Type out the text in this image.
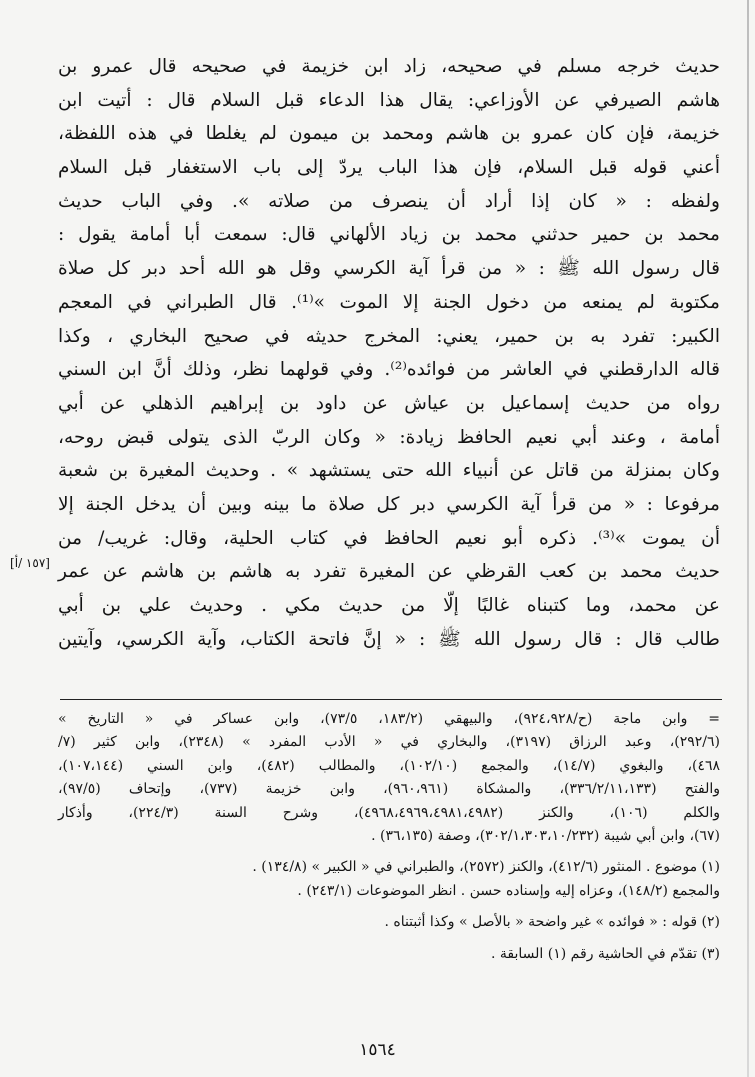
حديث خرجه مسلم في صحيحه، زاد ابن خزيمة في صحيحه قال عمرو بن
هاشم الصيرفي عن الأوزاعي: يقال هذا الدعاء قبل السلام قال : أتيت ابن
خزيمة، فإن كان عمرو بن هاشم ومحمد بن ميمون لم يغلطا في هذه اللفظة،
أعني قوله قبل السلام، فإن هذا الباب يردّ إلى باب الاستغفار قبل السلام
ولفظه : « كان إذا أراد أن ينصرف من صلاته ». وفي الباب حديث
محمد بن حمير حدثني محمد بن زياد الألهاني قال: سمعت أبا أمامة يقول :
قال رسول الله ﷺ : « من قرأ آية الكرسي وقل هو الله أحد دبر كل صلاة
مكتوبة لم يمنعه من دخول الجنة إلا الموت »⁽¹⁾. قال الطبراني في المعجم
الكبير: تفرد به بن حمير، يعني: المخرج حديثه في صحيح البخاري ، وكذا
قاله الدارقطني في العاشر من فوائده⁽²⁾. وفي قولهما نظر، وذلك أنَّ ابن السني
رواه من حديث إسماعيل بن عياش عن داود بن إبراهيم الذهلي عن أبي
أمامة ، وعند أبي نعيم الحافظ زيادة: « وكان الربّ الذى يتولى قبض روحه،
وكان بمنزلة من قاتل عن أنبياء الله حتى يستشهد » . وحديث المغيرة بن شعبة
مرفوعا : « من قرأ آية الكرسي دبر كل صلاة ما بينه وبين أن يدخل الجنة إلا
أن يموت »⁽³⁾. ذكره أبو نعيم الحافظ في كتاب الحلية، وقال: غريب/ من
حديث محمد بن كعب القرظي عن المغيرة تفرد به هاشم بن هاشم عن عمر
عن محمد، وما كتبناه غالبًا إلّا من حديث مكي . وحديث علي بن أبي
طالب قال : قال رسول الله ﷺ : « إنَّ فاتحة الكتاب، وآية الكرسي، وآيتين
[١٥٧ /أ]
= وابن ماجة (ح/٩٢٤،٩٢٨)، والبيهقي (١٨٣/٢، ٧٣/٥)، وابن عساكر في « التاريخ »
(٢٩٢/٦)، وعبد الرزاق (٣١٩٧)، والبخاري في « الأدب المفرد » (٢٣٤٨)، وابن كثير (٧/
٤٦٨)، والبغوي (١٤/٧)، والمجمع (١٠٢/١٠)، والمطالب (٤٨٢)، وابن السني (١٠٧،١٤٤)،
والفتح (٣٣٦/٢/١١،١٣٣)، والمشكاة (٩٦٠،٩٦١)، وابن خزيمة (٧٣٧)، وإتحاف (٩٧/٥)،
والكلم (١٠٦)، والكنز (٤٩٦٨،٤٩٦٩،٤٩٨١،٤٩٨٢)، وشرح السنة (٢٢٤/٣)، وأذكار
(٦٧)، وابن أبي شيبة (٣٠٢/١،٣٠٣،١٠/٢٣٢)، وصفة (٣٦،١٣٥) .
(١) موضوع . المنثور (٤١٢/٦)، والكنز (٢٥٧٢)، والطبراني في « الكبير » (١٣٤/٨) .
والمجمع (١٤٨/٢)، وعزاه إليه وإسناده حسن . انظر الموضوعات (٢٤٣/١) .
(٢) قوله : « فوائده » غير واضحة « بالأصل » وكذا أثبتناه .
(٣) تقدّم في الحاشية رقم (١) السابقة .
١٥٦٤
